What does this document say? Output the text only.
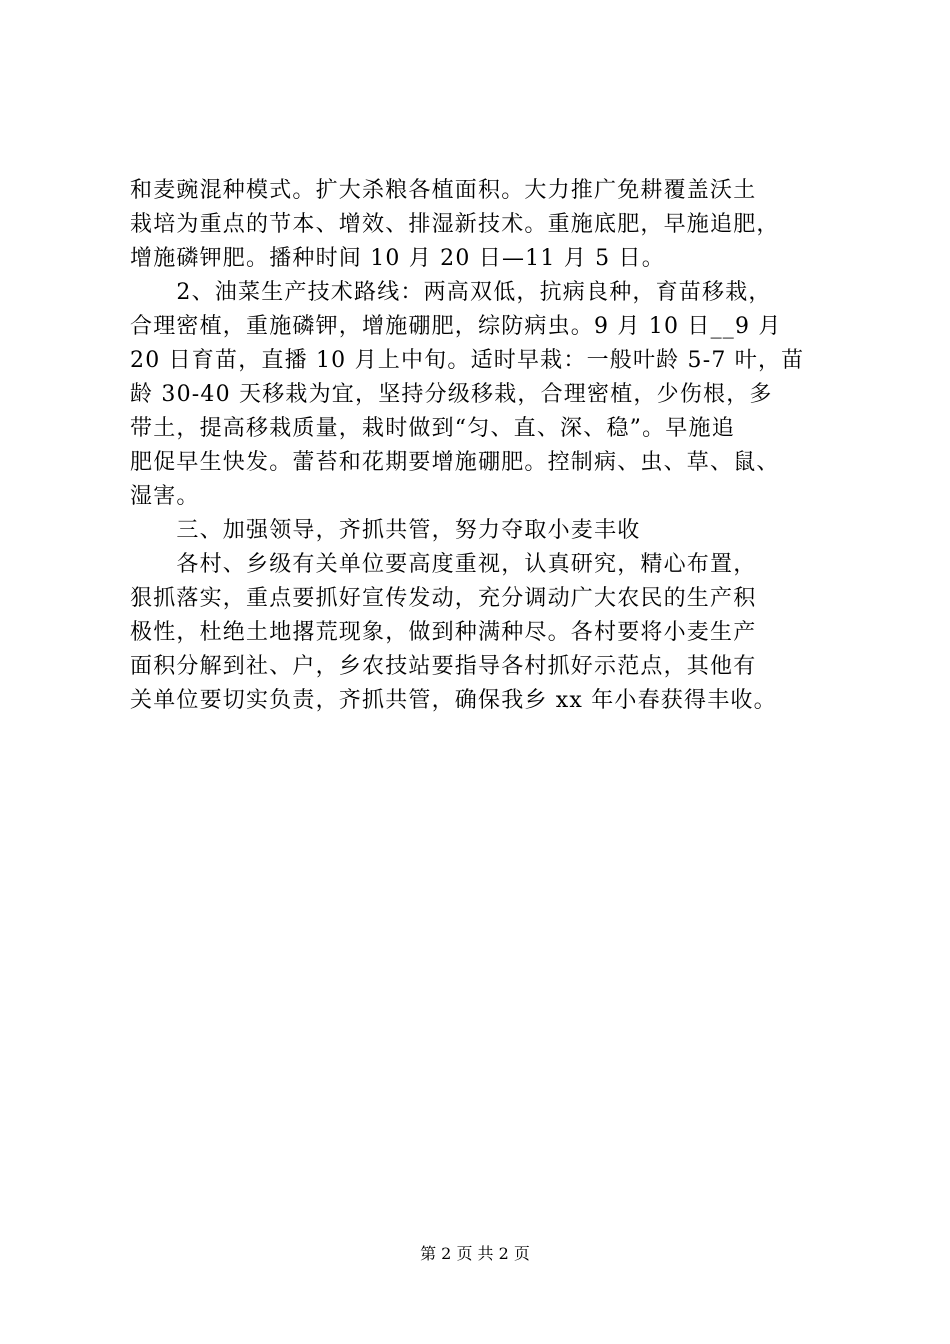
和麦豌混种模式。扩大杀粮各植面积。大力推广免耕覆盖沃土
栽培为重点的节本、增效、排湿新技术。重施底肥，早施追肥，
增施磷钾肥。播种时间 10 月 20 日—11 月 5 日。
　　2、油菜生产技术路线：两高双低，抗病良种，育苗移栽，
合理密植，重施磷钾，增施硼肥，综防病虫。9 月 10 日__9 月
20 日育苗，直播 10 月上中旬。适时早栽：一般叶龄 5-7 叶，苗
龄 30-40 天移栽为宜，坚持分级移栽，合理密植，少伤根，多
带土，提高移栽质量，栽时做到“匀、直、深、稳”。早施追
肥促早生快发。蕾苔和花期要增施硼肥。控制病、虫、草、鼠、
湿害。
　　三、加强领导，齐抓共管，努力夺取小麦丰收
　　各村、乡级有关单位要高度重视，认真研究，精心布置，
狠抓落实，重点要抓好宣传发动，充分调动广大农民的生产积
极性，杜绝土地撂荒现象，做到种满种尽。各村要将小麦生产
面积分解到社、户，乡农技站要指导各村抓好示范点，其他有
关单位要切实负责，齐抓共管，确保我乡 xx 年小春获得丰收。
第 2 页 共 2 页
